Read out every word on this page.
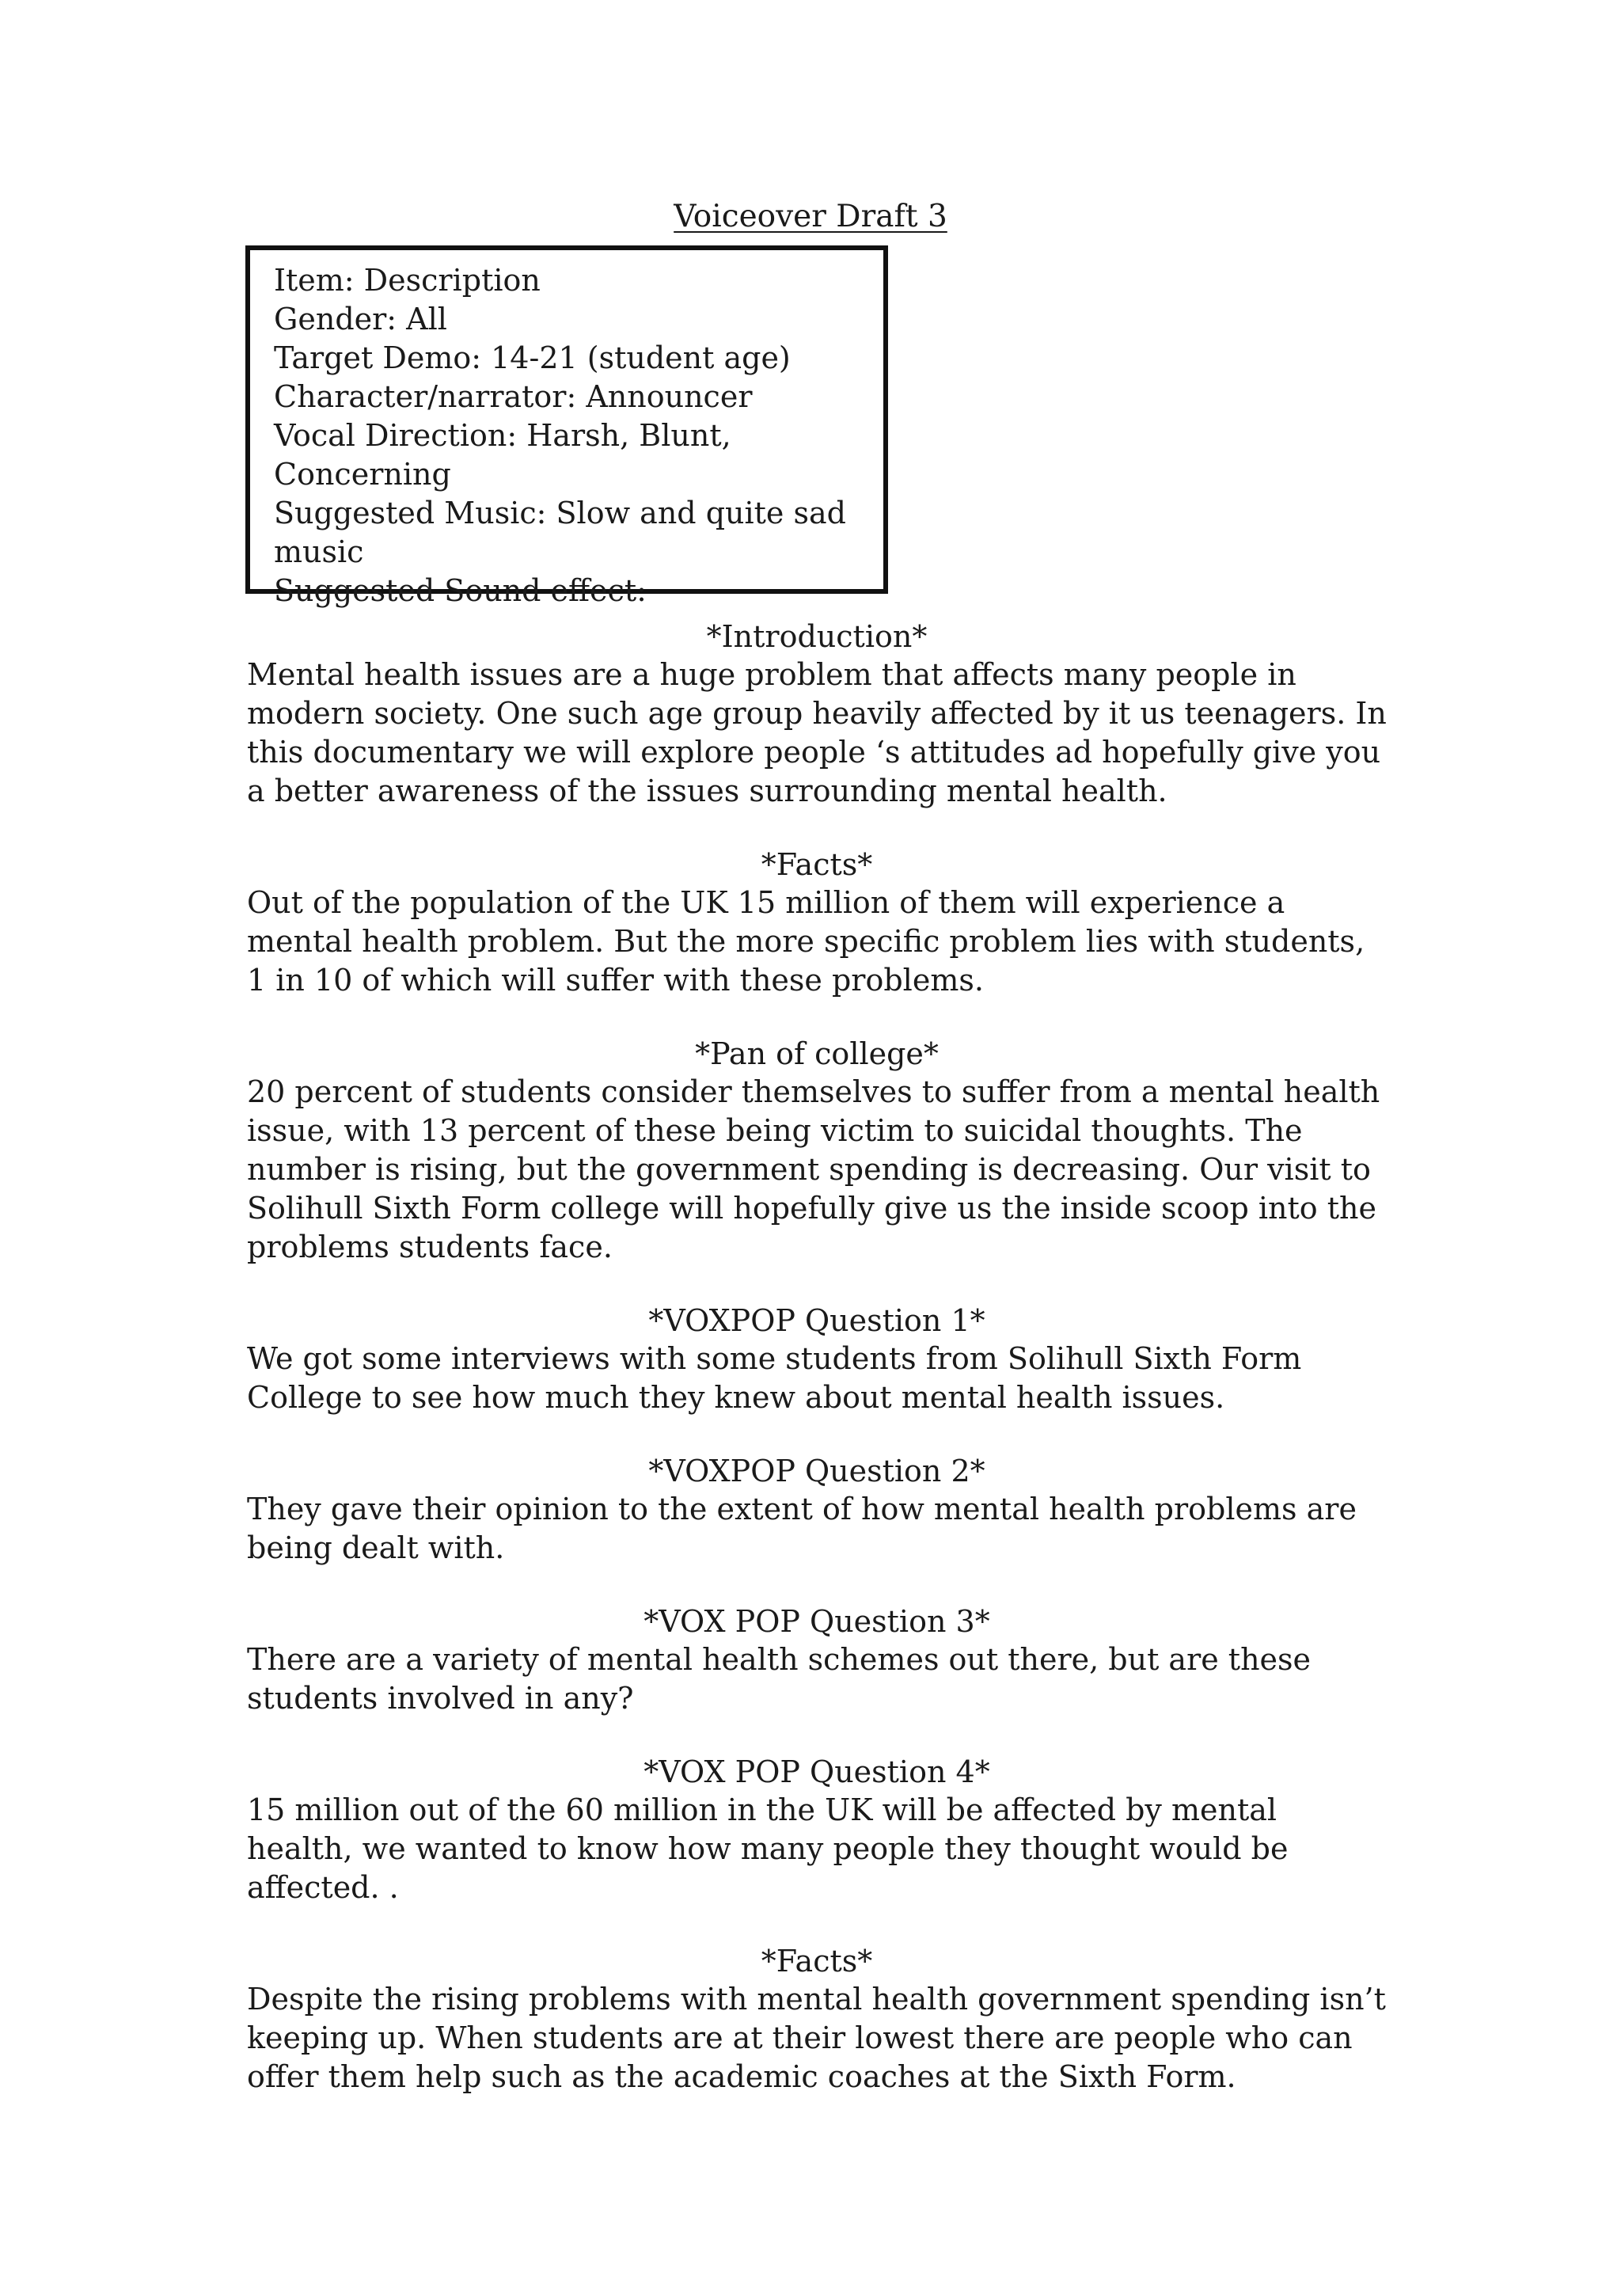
Voiceover Draft 3
Item: Description
Gender: All
Target Demo: 14-21 (student age)
Character/narrator: Announcer
Vocal Direction: Harsh, Blunt, Concerning
Suggested Music: Slow and quite sad music
Suggested Sound effect:
*Introduction*
Mental health issues are a huge problem that affects many people in modern society. One such age group heavily affected by it us teenagers. In this documentary we will explore people ‘s attitudes ad hopefully give you a better awareness of the issues surrounding mental health.
*Facts*
Out of the population of the UK 15 million of them will experience a mental health problem. But the more specific problem lies with students, 1 in 10 of which will suffer with these problems.
*Pan of college*
20 percent of students consider themselves to suffer from a mental health issue, with 13 percent of these being victim to suicidal thoughts. The number is rising, but the government spending is decreasing. Our visit to Solihull Sixth Form college will hopefully give us the inside scoop into the problems students face.
*VOXPOP Question 1*
We got some interviews with some students from Solihull Sixth Form College to see how much they knew about mental health issues.
*VOXPOP Question 2*
They gave their opinion to the extent of how mental health problems are being dealt with.
*VOX POP Question 3*
There are a variety of mental health schemes out there, but are these students involved in any?
*VOX POP Question 4*
15 million out of the 60 million in the UK will be affected by mental health, we wanted to know how many people they thought would be affected. .
*Facts*
Despite the rising problems with mental health government spending isn’t keeping up. When students are at their lowest there are people who can offer them help such as the academic coaches at the Sixth Form.
